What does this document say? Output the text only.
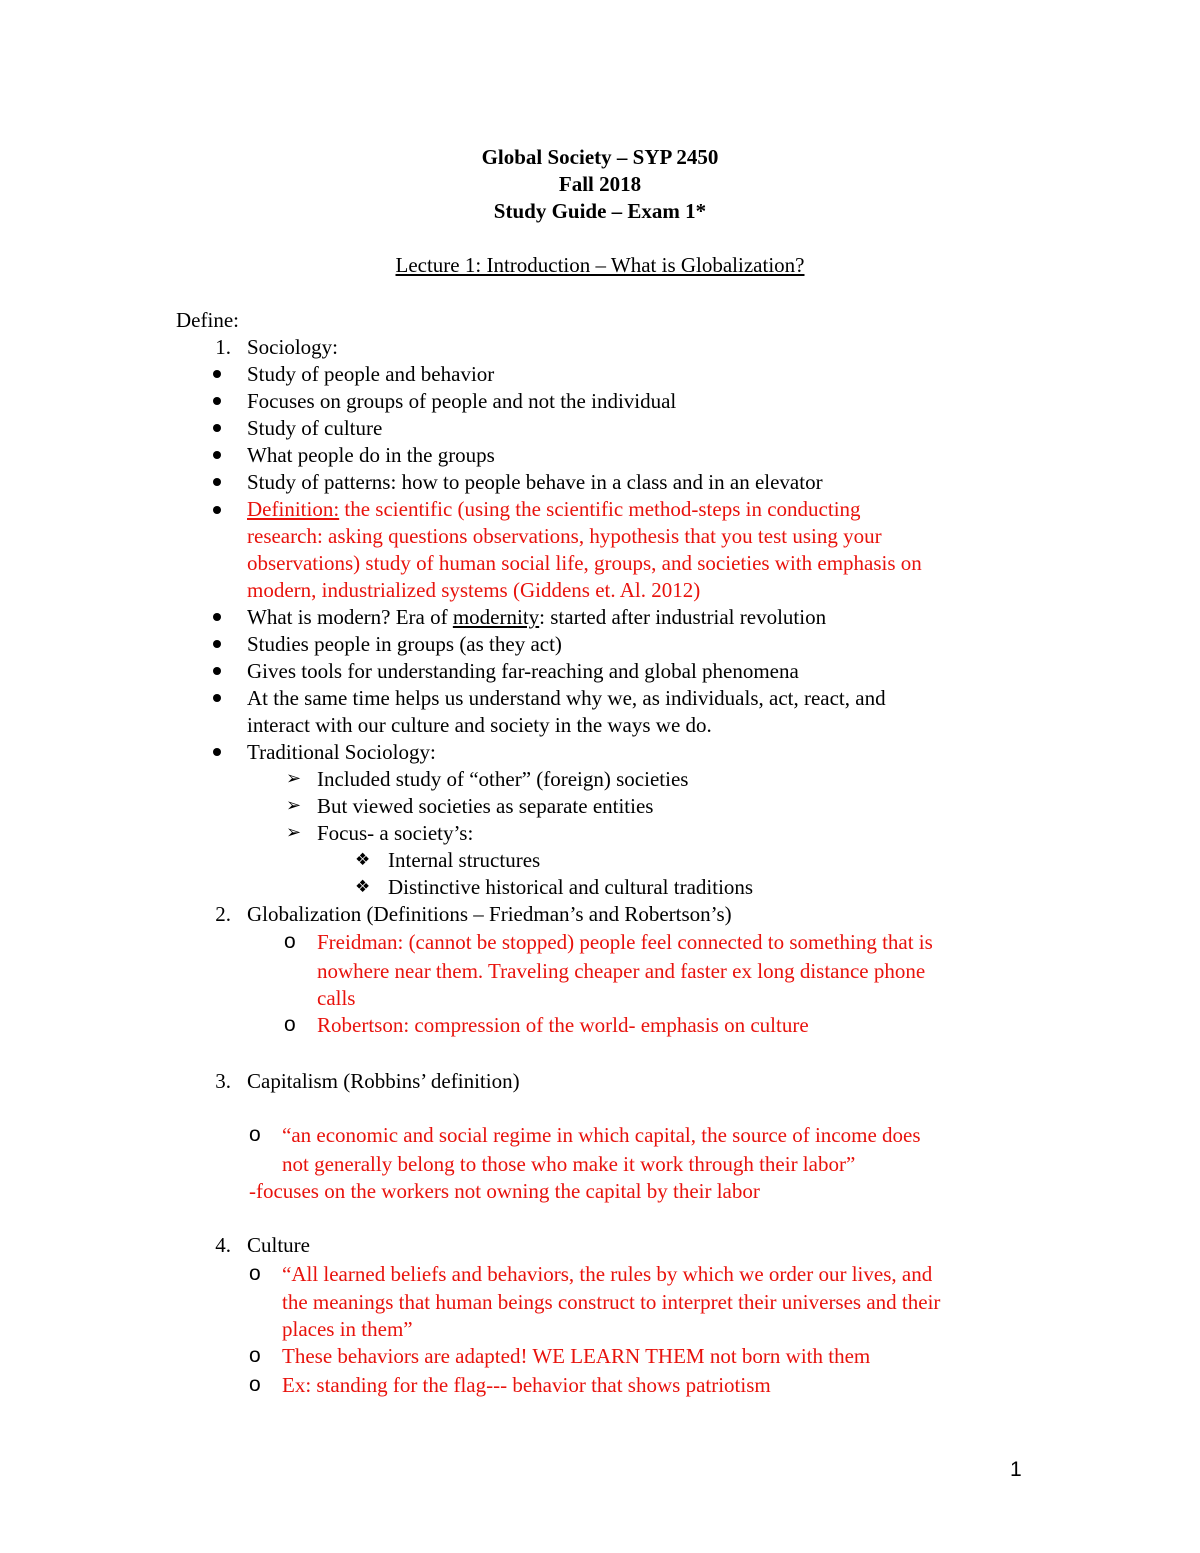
Global Society – SYP 2450
Fall 2018
Study Guide – Exam 1*
Lecture 1: Introduction – What is Globalization?
Define:
1. Sociology:
Study of people and behavior
Focuses on groups of people and not the individual
Study of culture
What people do in the groups
Study of patterns: how to people behave in a class and in an elevator
Definition: the scientific (using the scientific method-steps in conducting
research: asking questions observations, hypothesis that you test using your
observations) study of human social life, groups, and societies with emphasis on
modern, industrialized systems (Giddens et. Al. 2012)
What is modern? Era of modernity: started after industrial revolution
Studies people in groups (as they act)
Gives tools for understanding far-reaching and global phenomena
At the same time helps us understand why we, as individuals, act, react, and
interact with our culture and society in the ways we do.
Traditional Sociology:
➢ Included study of “other” (foreign) societies
➢ But viewed societies as separate entities
➢ Focus- a society’s:
❖ Internal structures
❖ Distinctive historical and cultural traditions
2. Globalization (Definitions – Friedman’s and Robertson’s)
o Freidman: (cannot be stopped) people feel connected to something that is
nowhere near them. Traveling cheaper and faster ex long distance phone
calls
o Robertson: compression of the world- emphasis on culture
3. Capitalism (Robbins’ definition)
o “an economic and social regime in which capital, the source of income does
not generally belong to those who make it work through their labor”
-focuses on the workers not owning the capital by their labor
4. Culture
o “All learned beliefs and behaviors, the rules by which we order our lives, and
the meanings that human beings construct to interpret their universes and their
places in them”
o These behaviors are adapted! WE LEARN THEM not born with them
o Ex: standing for the flag--- behavior that shows patriotism
1
